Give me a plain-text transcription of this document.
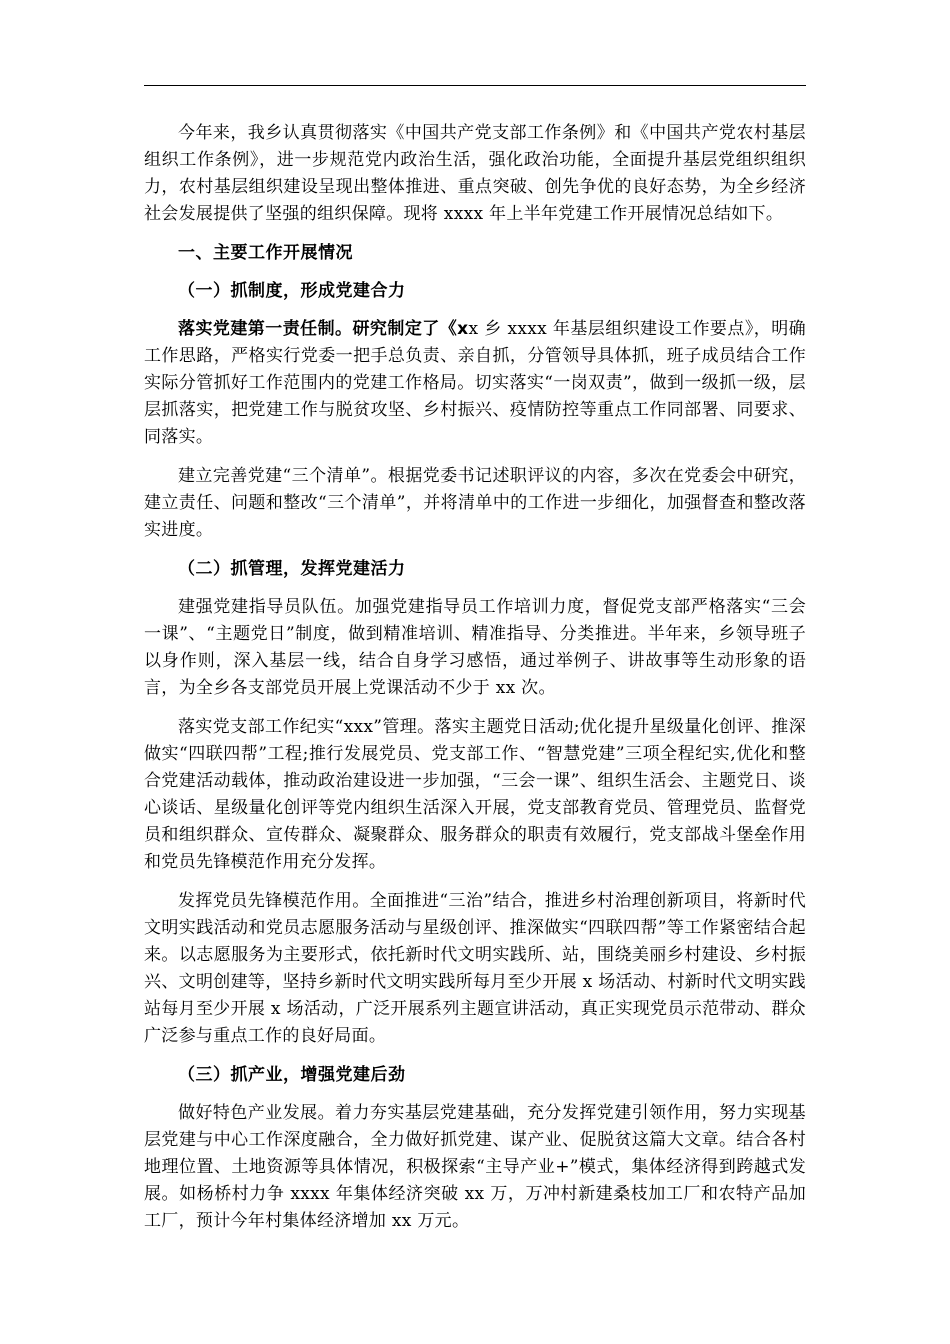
今年来，我乡认真贯彻落实《中国共产党支部工作条例》和《中国共产党农村基层组织工作条例》，进一步规范党内政治生活，强化政治功能，全面提升基层党组织组织力，农村基层组织建设呈现出整体推进、重点突破、创先争优的良好态势，为全乡经济社会发展提供了坚强的组织保障。现将 xxxx 年上半年党建工作开展情况总结如下。

一、主要工作开展情况

（一）抓制度，形成党建合力

落实党建第一责任制。研究制定了《xx 乡 xxxx 年基层组织建设工作要点》，明确工作思路，严格实行党委一把手总负责、亲自抓，分管领导具体抓，班子成员结合工作实际分管抓好工作范围内的党建工作格局。切实落实“一岗双责”，做到一级抓一级，层层抓落实，把党建工作与脱贫攻坚、乡村振兴、疫情防控等重点工作同部署、同要求、同落实。

建立完善党建“三个清单”。根据党委书记述职评议的内容，多次在党委会中研究，建立责任、问题和整改“三个清单”，并将清单中的工作进一步细化，加强督查和整改落实进度。

（二）抓管理，发挥党建活力

建强党建指导员队伍。加强党建指导员工作培训力度，督促党支部严格落实“三会一课”、“主题党日”制度，做到精准培训、精准指导、分类推进。半年来，乡领导班子以身作则，深入基层一线，结合自身学习感悟，通过举例子、讲故事等生动形象的语言，为全乡各支部党员开展上党课活动不少于 xx 次。

落实党支部工作纪实“xxx”管理。落实主题党日活动;优化提升星级量化创评、推深做实“四联四帮”工程;推行发展党员、党支部工作、“智慧党建”三项全程纪实,优化和整合党建活动载体，推动政治建设进一步加强，“三会一课”、组织生活会、主题党日、谈心谈话、星级量化创评等党内组织生活深入开展，党支部教育党员、管理党员、监督党员和组织群众、宣传群众、凝聚群众、服务群众的职责有效履行，党支部战斗堡垒作用和党员先锋模范作用充分发挥。

发挥党员先锋模范作用。全面推进“三治”结合，推进乡村治理创新项目，将新时代文明实践活动和党员志愿服务活动与星级创评、推深做实“四联四帮”等工作紧密结合起来。以志愿服务为主要形式，依托新时代文明实践所、站，围绕美丽乡村建设、乡村振兴、文明创建等，坚持乡新时代文明实践所每月至少开展 x 场活动、村新时代文明实践站每月至少开展 x 场活动，广泛开展系列主题宣讲活动，真正实现党员示范带动、群众广泛参与重点工作的良好局面。

（三）抓产业，增强党建后劲

做好特色产业发展。着力夯实基层党建基础，充分发挥党建引领作用，努力实现基层党建与中心工作深度融合，全力做好抓党建、谋产业、促脱贫这篇大文章。结合各村地理位置、土地资源等具体情况，积极探索“主导产业+”模式，集体经济得到跨越式发展。如杨桥村力争 xxxx 年集体经济突破 xx 万，万冲村新建桑枝加工厂和农特产品加工厂，预计今年村集体经济增加 xx 万元。
